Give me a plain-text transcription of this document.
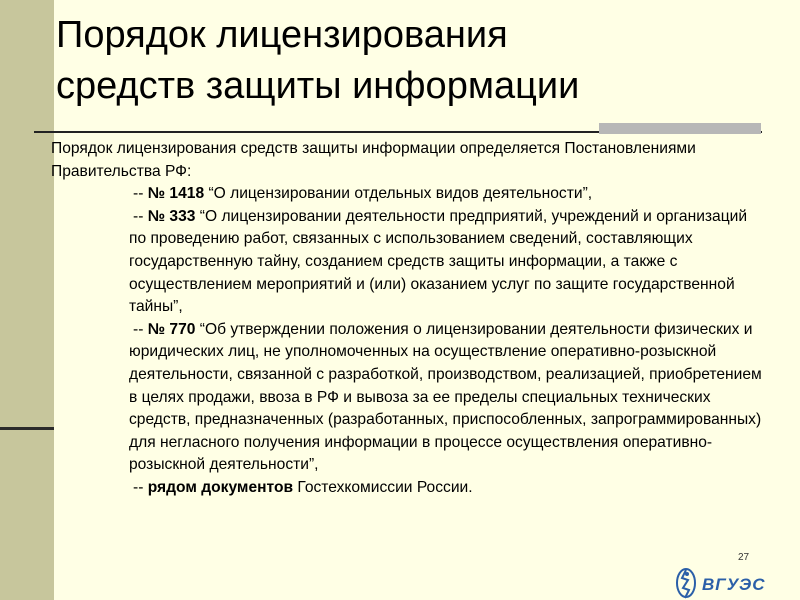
Порядок лицензирования
средств защиты информации

Порядок лицензирования средств защиты информации определяется Постановлениями Правительства РФ:

-- № 1418 “О лицензировании отдельных видов деятельности”,

-- № 333 “О лицензировании деятельности предприятий, учреждений и организаций по проведению работ, связанных с использованием сведений, составляющих государственную тайну, созданием средств защиты информации, а также с осуществлением мероприятий и (или) оказанием услуг по защите государственной тайны”,

-- № 770 “Об утверждении положения о лицензировании деятельности физических и юридических лиц, не уполномоченных на осуществление оперативно-розыскной деятельности, связанной с разработкой, производством, реализацией, приобретением в целях продажи, ввоза в РФ и вывоза за ее пределы специальных технических средств, предназначенных (разработанных, приспособленных, запрограммированных) для негласного получения информации в процессе осуществления оперативно-розыскной деятельности”,

-- рядом документов Гостехкомиссии России.

27
ВГУЭС
